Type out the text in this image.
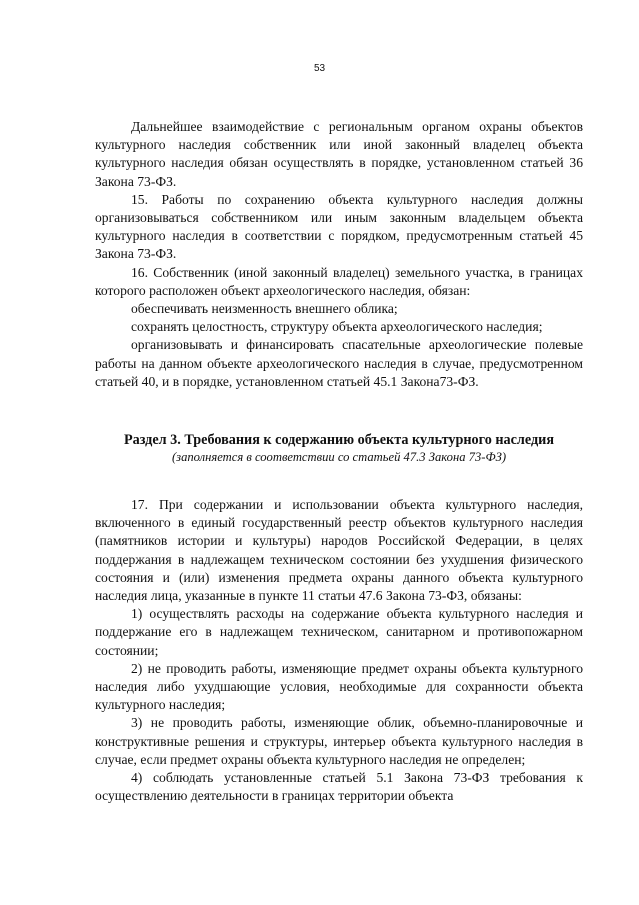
53

Дальнейшее взаимодействие с региональным органом охраны объектов культурного наследия собственник или иной законный владелец объекта культурного наследия обязан осуществлять в порядке, установленном статьей 36 Закона 73-ФЗ.

15. Работы по сохранению объекта культурного наследия должны организовываться собственником или иным законным владельцем объекта культурного наследия в соответствии с порядком, предусмотренным статьей 45 Закона 73-ФЗ.

16. Собственник (иной законный владелец) земельного участка, в границах которого расположен объект археологического наследия, обязан:

обеспечивать неизменность внешнего облика;

сохранять целостность, структуру объекта археологического наследия;

организовывать и финансировать спасательные археологические полевые работы на данном объекте археологического наследия в случае, предусмотренном статьей 40, и в порядке, установленном статьей 45.1 Закона73-ФЗ.

Раздел 3. Требования к содержанию объекта культурного наследия

(заполняется в соответствии со статьей 47.3 Закона 73-ФЗ)

17. При содержании и использовании объекта культурного наследия, включенного в единый государственный реестр объектов культурного наследия (памятников истории и культуры) народов Российской Федерации, в целях поддержания в надлежащем техническом состоянии без ухудшения физического состояния и (или) изменения предмета охраны данного объекта культурного наследия лица, указанные в пункте 11 статьи 47.6 Закона 73-ФЗ, обязаны:

1) осуществлять расходы на содержание объекта культурного наследия и поддержание его в надлежащем техническом, санитарном и противопожарном состоянии;

2) не проводить работы, изменяющие предмет охраны объекта культурного наследия либо ухудшающие условия, необходимые для сохранности объекта культурного наследия;

3) не проводить работы, изменяющие облик, объемно-планировочные и конструктивные решения и структуры, интерьер объекта культурного наследия в случае, если предмет охраны объекта культурного наследия не определен;

4) соблюдать установленные статьей 5.1 Закона 73-ФЗ требования к осуществлению деятельности в границах территории объекта
